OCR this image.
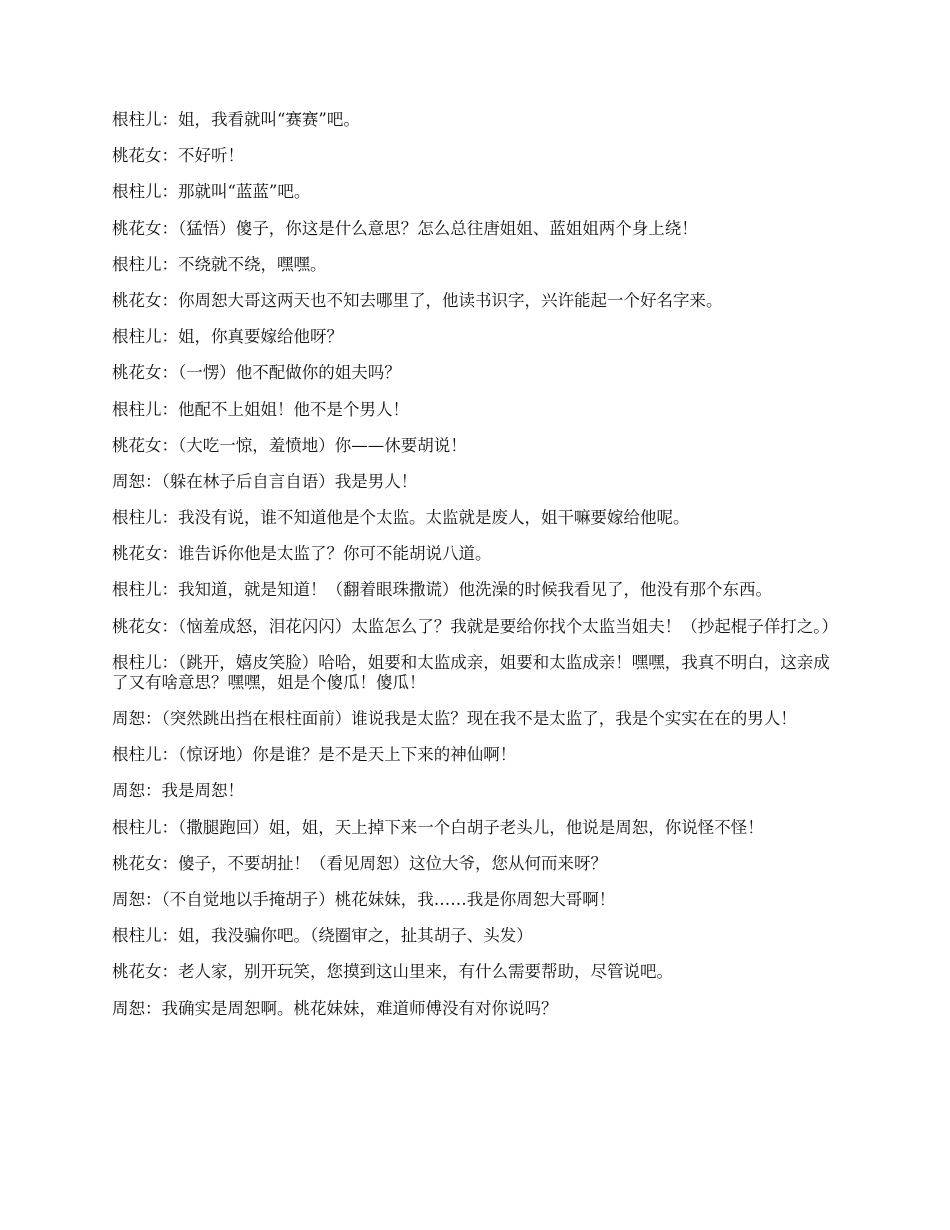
根柱儿：姐，我看就叫“赛赛”吧。

桃花女：不好听！

根柱儿：那就叫“蓝蓝”吧。

桃花女：（猛悟）傻子，你这是什么意思？怎么总往唐姐姐、蓝姐姐两个身上绕！

根柱儿：不绕就不绕，嘿嘿。

桃花女：你周恕大哥这两天也不知去哪里了，他读书识字，兴许能起一个好名字来。

根柱儿：姐，你真要嫁给他呀？

桃花女：（一愣）他不配做你的姐夫吗？

根柱儿：他配不上姐姐！他不是个男人！

桃花女：（大吃一惊，羞愤地）你——休要胡说！

周恕：（躲在林子后自言自语）我是男人！

根柱儿：我没有说，谁不知道他是个太监。太监就是废人，姐干嘛要嫁给他呢。

桃花女：谁告诉你他是太监了？你可不能胡说八道。

根柱儿：我知道，就是知道！（翻着眼珠撒谎）他洗澡的时候我看见了，他没有那个东西。

桃花女：（恼羞成怒，泪花闪闪）太监怎么了？我就是要给你找个太监当姐夫！（抄起棍子佯打之。）

根柱儿：（跳开，嬉皮笑脸）哈哈，姐要和太监成亲，姐要和太监成亲！嘿嘿，我真不明白，这亲成了又有啥意思？嘿嘿，姐是个傻瓜！傻瓜！

周恕：（突然跳出挡在根柱面前）谁说我是太监？现在我不是太监了，我是个实实在在的男人！

根柱儿：（惊讶地）你是谁？是不是天上下来的神仙啊！

周恕：我是周恕！

根柱儿：（撒腿跑回）姐，姐，天上掉下来一个白胡子老头儿，他说是周恕，你说怪不怪！

桃花女：傻子，不要胡扯！（看见周恕）这位大爷，您从何而来呀？

周恕：（不自觉地以手掩胡子）桃花妹妹，我……我是你周恕大哥啊！

根柱儿：姐，我没骗你吧。（绕圈审之，扯其胡子、头发）

桃花女：老人家，别开玩笑，您摸到这山里来，有什么需要帮助，尽管说吧。

周恕：我确实是周恕啊。桃花妹妹，难道师傅没有对你说吗？
